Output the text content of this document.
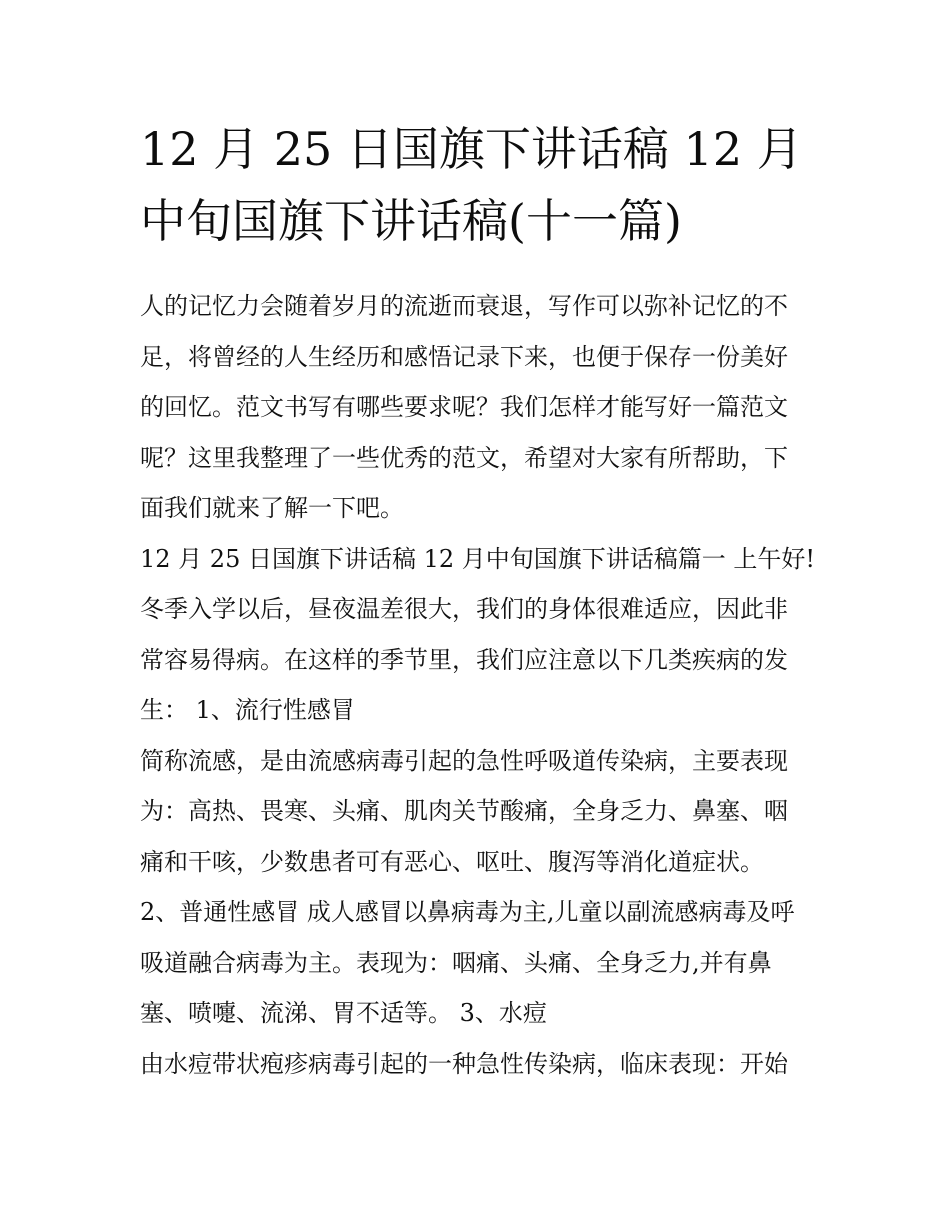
12 月 25 日国旗下讲话稿 12 月
中旬国旗下讲话稿(十一篇)

人的记忆力会随着岁月的流逝而衰退，写作可以弥补记忆的不
足，将曾经的人生经历和感悟记录下来，也便于保存一份美好
的回忆。范文书写有哪些要求呢？我们怎样才能写好一篇范文
呢？这里我整理了一些优秀的范文，希望对大家有所帮助，下
面我们就来了解一下吧。

12 月 25 日国旗下讲话稿 12 月中旬国旗下讲话稿篇一 上午好!
冬季入学以后，昼夜温差很大，我们的身体很难适应，因此非
常容易得病。在这样的季节里，我们应注意以下几类疾病的发
生： 1、流行性感冒

简称流感，是由流感病毒引起的急性呼吸道传染病，主要表现
为：高热、畏寒、头痛、肌肉关节酸痛，全身乏力、鼻塞、咽
痛和干咳，少数患者可有恶心、呕吐、腹泻等消化道症状。

2、普通性感冒 成人感冒以鼻病毒为主,儿童以副流感病毒及呼
吸道融合病毒为主。表现为：咽痛、头痛、全身乏力,并有鼻
塞、喷嚏、流涕、胃不适等。 3、水痘

由水痘带状疱疹病毒引起的一种急性传染病，临床表现：开始
